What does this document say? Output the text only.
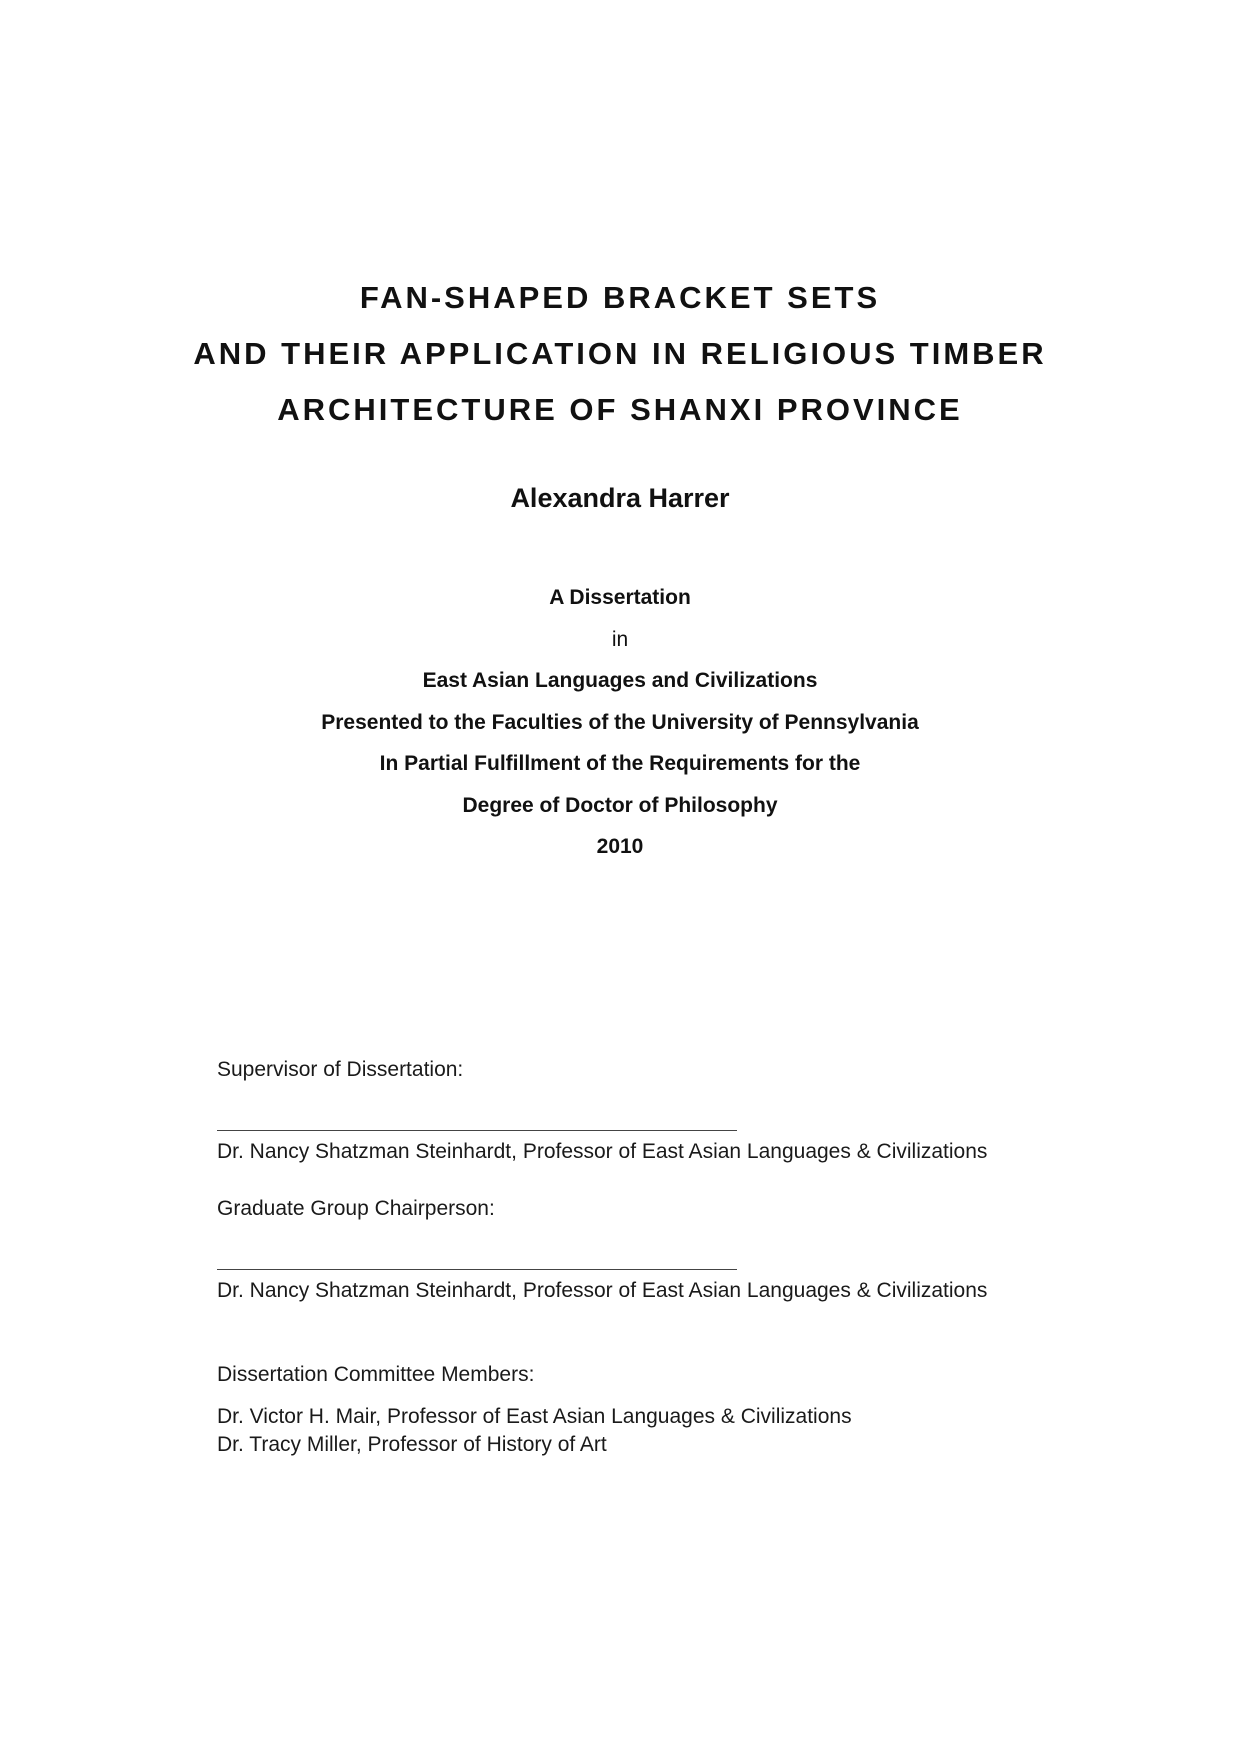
FAN-SHAPED BRACKET SETS
AND THEIR APPLICATION IN RELIGIOUS TIMBER
ARCHITECTURE OF SHANXI PROVINCE
Alexandra Harrer
A Dissertation
in
East Asian Languages and Civilizations
Presented to the Faculties of the University of Pennsylvania
In Partial Fulfillment of the Requirements for the
Degree of Doctor of Philosophy
2010
Supervisor of Dissertation:
Dr. Nancy Shatzman Steinhardt, Professor of East Asian Languages & Civilizations
Graduate Group Chairperson:
Dr. Nancy Shatzman Steinhardt, Professor of East Asian Languages & Civilizations
Dissertation Committee Members:
Dr. Victor H. Mair, Professor of East Asian Languages & Civilizations
Dr. Tracy Miller, Professor of History of Art
